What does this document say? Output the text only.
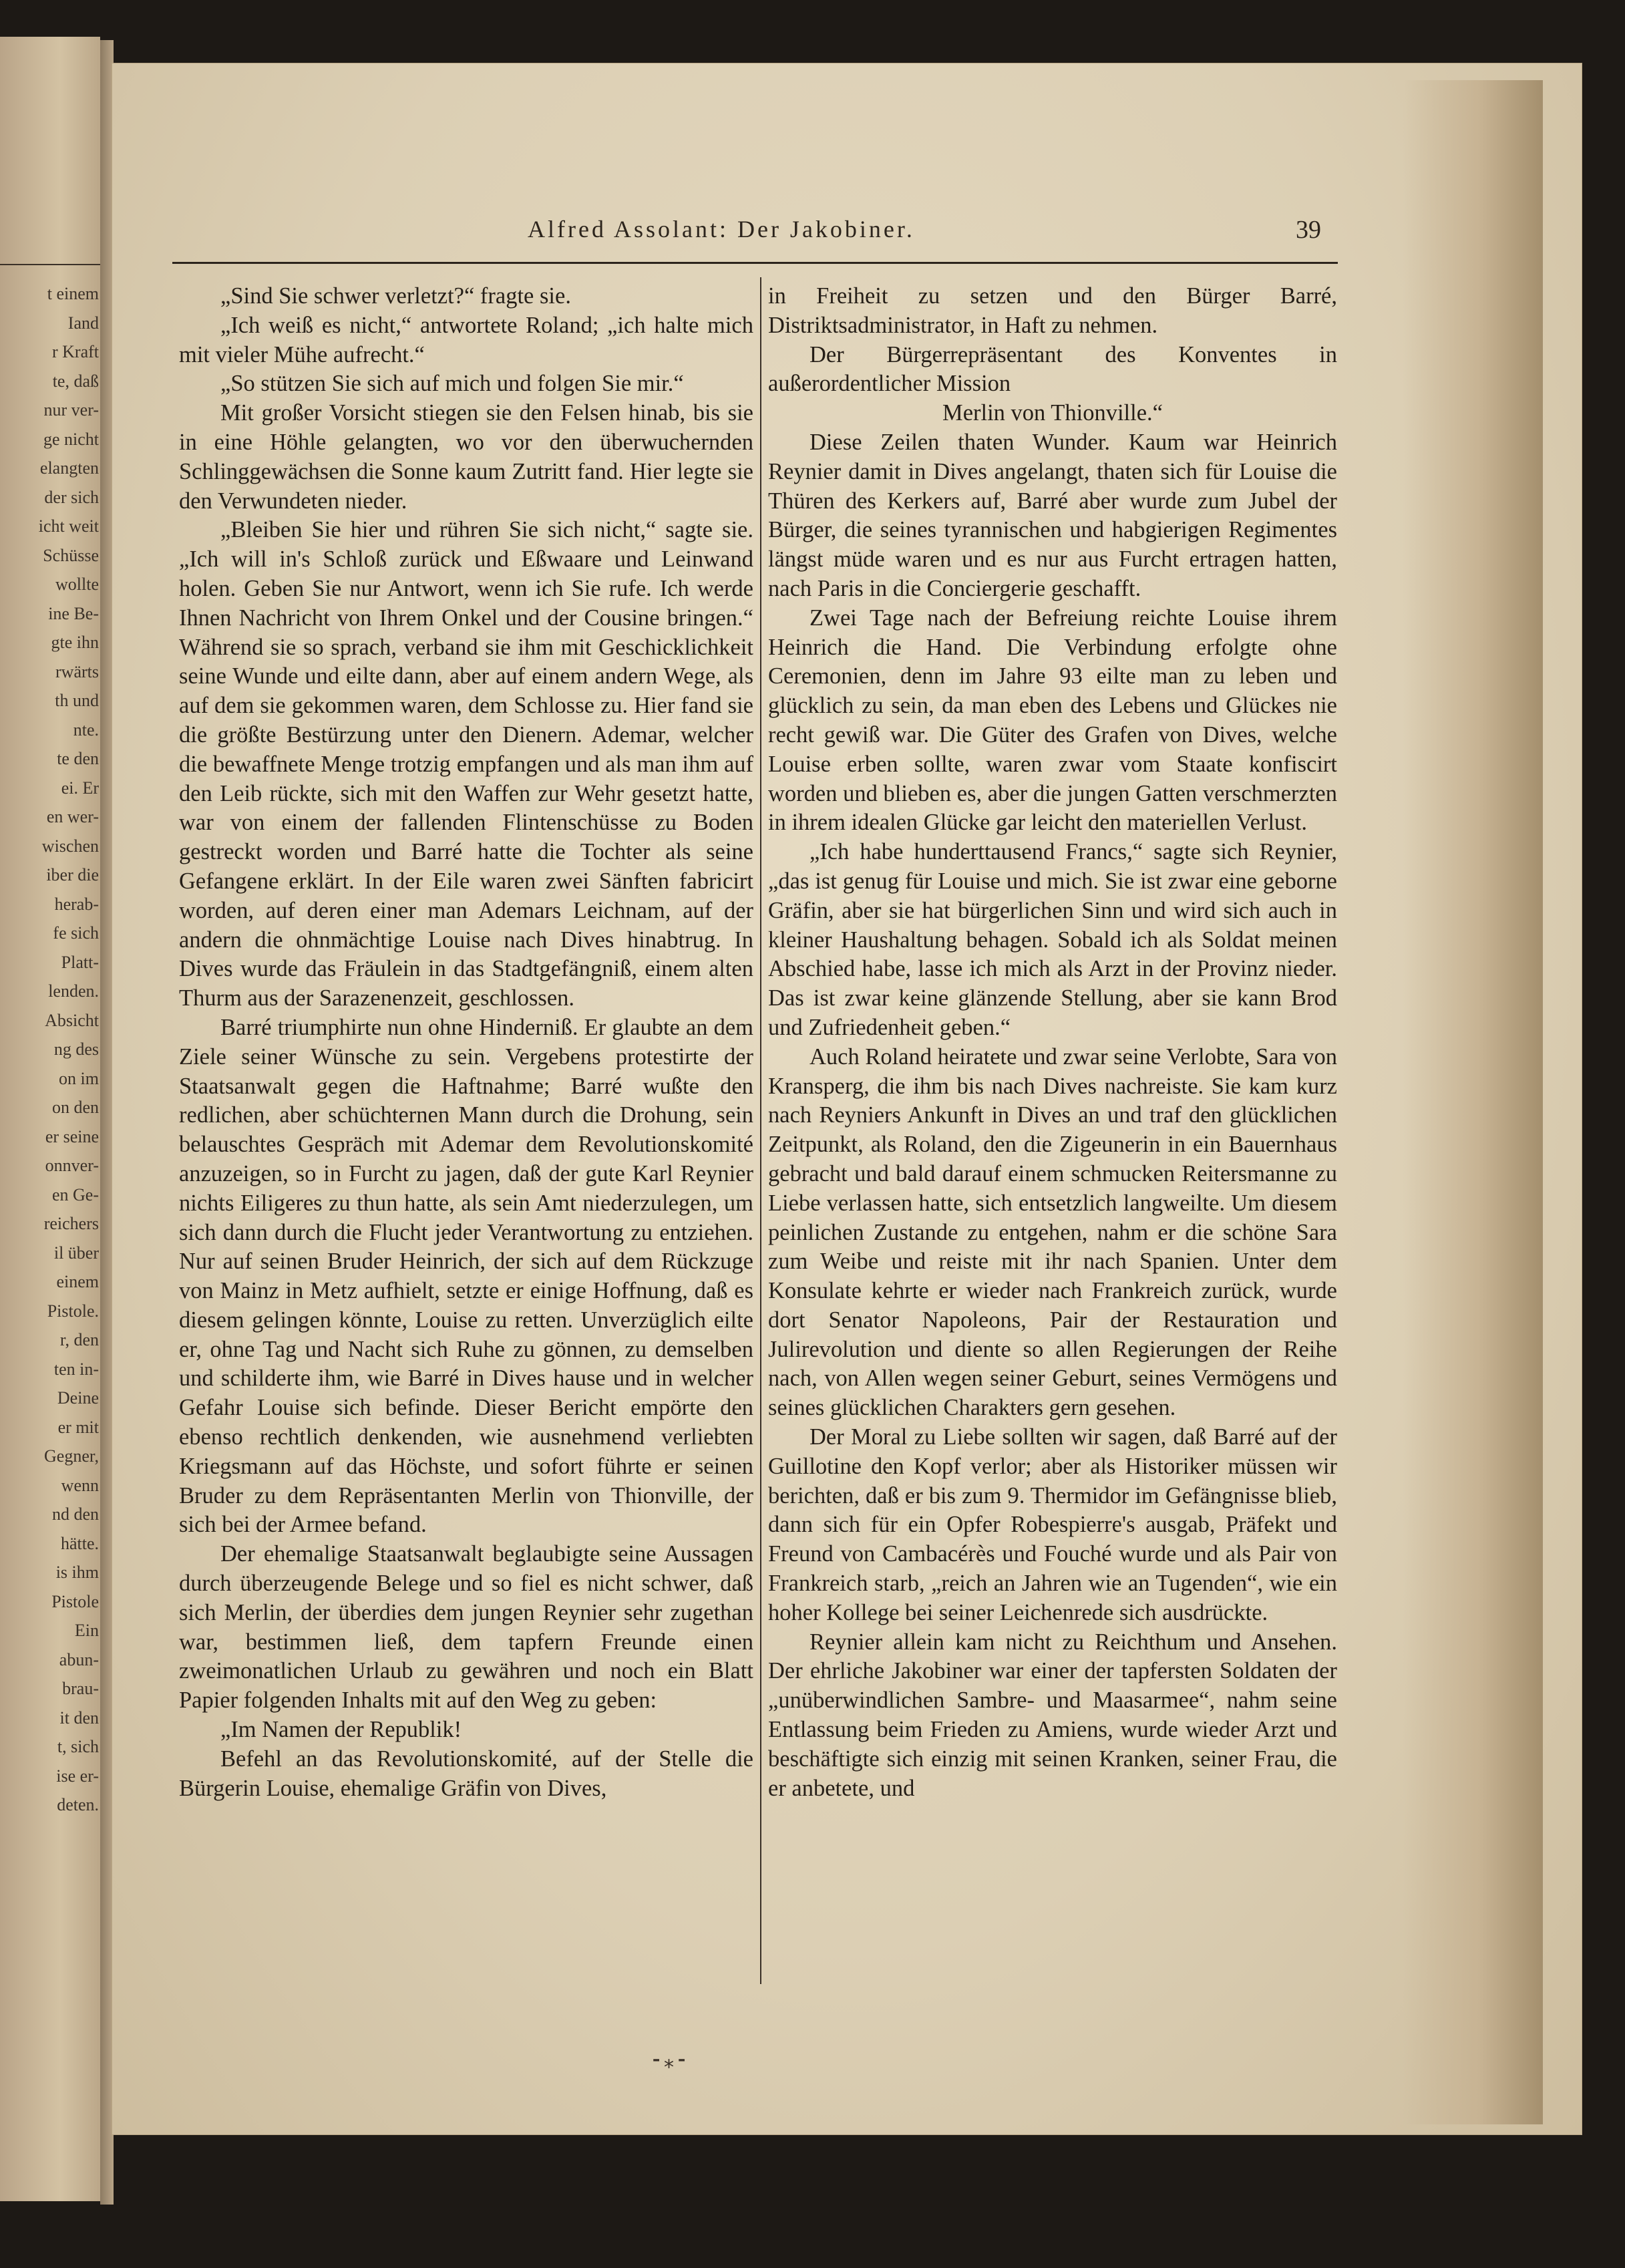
t einem
Iand
r Kraft
te, daß
nur ver-
ge nicht
elangten
der sich
icht weit
Schüsse
wollte
ine Be-
gte ihn
rwärts
th und
nte.
te den
ei. Er
en wer-
wischen
iber die
herab-
fe sich
Platt-
lenden.
Absicht
ng des
on im
on den
er seine
onnver-
en Ge-
reichers
il über
einem
Pistole.
r, den
ten in-
Deine
er mit
Gegner,
wenn
nd den
hätte.
is ihm
Pistole
Ein
abun-
brau-
it den
t, sich
ise er-
deten.
Alfred Assolant: Der Jakobiner.	39

„Sind Sie schwer verletzt?“ fragte sie.

„Ich weiß es nicht,“ antwortete Roland; „ich halte mich mit vieler Mühe aufrecht.“

„So stützen Sie sich auf mich und folgen Sie mir.“

Mit großer Vorsicht stiegen sie den Felsen hinab, bis sie in eine Höhle gelangten, wo vor den überwuchernden Schlinggewächsen die Sonne kaum Zutritt fand. Hier legte sie den Verwundeten nieder.

„Bleiben Sie hier und rühren Sie sich nicht,“ sagte sie. „Ich will in's Schloß zurück und Eßwaare und Leinwand holen. Geben Sie nur Antwort, wenn ich Sie rufe. Ich werde Ihnen Nachricht von Ihrem Onkel und der Cousine bringen.“ Während sie so sprach, verband sie ihm mit Geschicklichkeit seine Wunde und eilte dann, aber auf einem andern Wege, als auf dem sie gekommen waren, dem Schlosse zu. Hier fand sie die größte Bestürzung unter den Dienern. Ademar, welcher die bewaffnete Menge trotzig empfangen und als man ihm auf den Leib rückte, sich mit den Waffen zur Wehr gesetzt hatte, war von einem der fallenden Flintenschüsse zu Boden gestreckt worden und Barré hatte die Tochter als seine Gefangene erklärt. In der Eile waren zwei Sänften fabricirt worden, auf deren einer man Ademars Leichnam, auf der andern die ohnmächtige Louise nach Dives hinabtrug. In Dives wurde das Fräulein in das Stadtgefängniß, einem alten Thurm aus der Sarazenenzeit, geschlossen.

Barré triumphirte nun ohne Hinderniß. Er glaubte an dem Ziele seiner Wünsche zu sein. Vergebens protestirte der Staatsanwalt gegen die Haftnahme; Barré wußte den redlichen, aber schüchternen Mann durch die Drohung, sein belauschtes Gespräch mit Ademar dem Revolutionskomité anzuzeigen, so in Furcht zu jagen, daß der gute Karl Reynier nichts Eiligeres zu thun hatte, als sein Amt niederzulegen, um sich dann durch die Flucht jeder Verantwortung zu entziehen. Nur auf seinen Bruder Heinrich, der sich auf dem Rückzuge von Mainz in Metz aufhielt, setzte er einige Hoffnung, daß es diesem gelingen könnte, Louise zu retten. Unverzüglich eilte er, ohne Tag und Nacht sich Ruhe zu gönnen, zu demselben und schilderte ihm, wie Barré in Dives hause und in welcher Gefahr Louise sich befinde. Dieser Bericht empörte den ebenso rechtlich denkenden, wie ausnehmend verliebten Kriegsmann auf das Höchste, und sofort führte er seinen Bruder zu dem Repräsentanten Merlin von Thionville, der sich bei der Armee befand.

Der ehemalige Staatsanwalt beglaubigte seine Aussagen durch überzeugende Belege und so fiel es nicht schwer, daß sich Merlin, der überdies dem jungen Reynier sehr zugethan war, bestimmen ließ, dem tapfern Freunde einen zweimonatlichen Urlaub zu gewähren und noch ein Blatt Papier folgenden Inhalts mit auf den Weg zu geben:

„Im Namen der Republik!

Befehl an das Revolutionskomité, auf der Stelle die Bürgerin Louise, ehemalige Gräfin von Dives,

in Freiheit zu setzen und den Bürger Barré, Distriktsadministrator, in Haft zu nehmen.

Der Bürgerrepräsentant des Konventes in außerordentlicher Mission

Merlin von Thionville.“

Diese Zeilen thaten Wunder. Kaum war Heinrich Reynier damit in Dives angelangt, thaten sich für Louise die Thüren des Kerkers auf, Barré aber wurde zum Jubel der Bürger, die seines tyrannischen und habgierigen Regimentes längst müde waren und es nur aus Furcht ertragen hatten, nach Paris in die Conciergerie geschafft.

Zwei Tage nach der Befreiung reichte Louise ihrem Heinrich die Hand. Die Verbindung erfolgte ohne Ceremonien, denn im Jahre 93 eilte man zu leben und glücklich zu sein, da man eben des Lebens und Glückes nie recht gewiß war. Die Güter des Grafen von Dives, welche Louise erben sollte, waren zwar vom Staate konfiscirt worden und blieben es, aber die jungen Gatten verschmerzten in ihrem idealen Glücke gar leicht den materiellen Verlust.

„Ich habe hunderttausend Francs,“ sagte sich Reynier, „das ist genug für Louise und mich. Sie ist zwar eine geborne Gräfin, aber sie hat bürgerlichen Sinn und wird sich auch in kleiner Haushaltung behagen. Sobald ich als Soldat meinen Abschied habe, lasse ich mich als Arzt in der Provinz nieder. Das ist zwar keine glänzende Stellung, aber sie kann Brod und Zufriedenheit geben.“

Auch Roland heiratete und zwar seine Verlobte, Sara von Kransperg, die ihm bis nach Dives nachreiste. Sie kam kurz nach Reyniers Ankunft in Dives an und traf den glücklichen Zeitpunkt, als Roland, den die Zigeunerin in ein Bauernhaus gebracht und bald darauf einem schmucken Reitersmanne zu Liebe verlassen hatte, sich entsetzlich langweilte. Um diesem peinlichen Zustande zu entgehen, nahm er die schöne Sara zum Weibe und reiste mit ihr nach Spanien. Unter dem Konsulate kehrte er wieder nach Frankreich zurück, wurde dort Senator Napoleons, Pair der Restauration und Julirevolution und diente so allen Regierungen der Reihe nach, von Allen wegen seiner Geburt, seines Vermögens und seines glücklichen Charakters gern gesehen.

Der Moral zu Liebe sollten wir sagen, daß Barré auf der Guillotine den Kopf verlor; aber als Historiker müssen wir berichten, daß er bis zum 9. Thermidor im Gefängnisse blieb, dann sich für ein Opfer Robespierre's ausgab, Präfekt und Freund von Cambacérès und Fouché wurde und als Pair von Frankreich starb, „reich an Jahren wie an Tugenden“, wie ein hoher Kollege bei seiner Leichenrede sich ausdrückte.

Reynier allein kam nicht zu Reichthum und Ansehen. Der ehrliche Jakobiner war einer der tapfersten Soldaten der „unüberwindlichen Sambre- und Maasarmee“, nahm seine Entlassung beim Frieden zu Amiens, wurde wieder Arzt und beschäftigte sich einzig mit seinen Kranken, seiner Frau, die er anbetete, und

⁃⁎⁃
